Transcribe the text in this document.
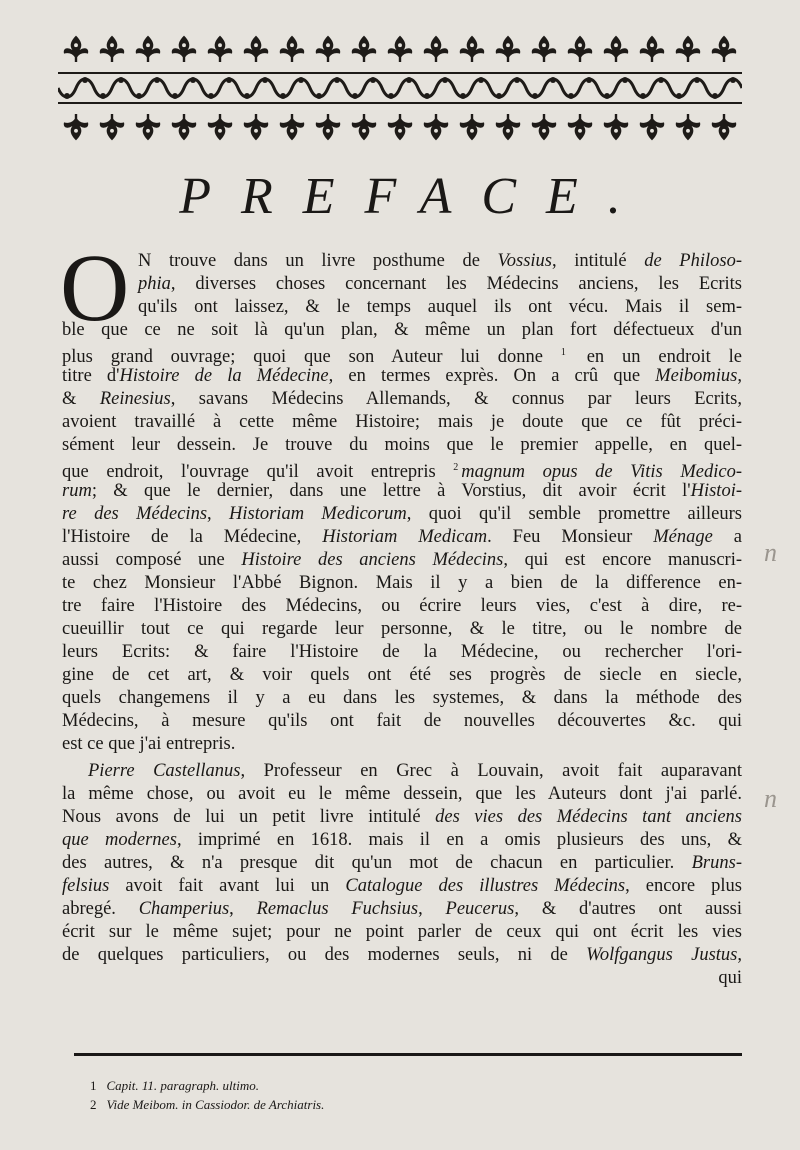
PREFACE.
O N trouve dans un livre posthume de Vossius, intitulé de Philoso-
phia, diverses choses concernant les Médecins anciens, les Ecrits
qu'ils ont laissez, & le temps auquel ils ont vécu. Mais il sem-
ble que ce ne soit là qu'un plan, & même un plan fort défectueux d'un
plus grand ouvrage; quoi que son Auteur lui donne $^1$ en un endroit le
titre d'Histoire de la Médecine, en termes exprès. On a crû que Meibomius,
& Reinesius, savans Médecins Allemands, & connus par leurs Ecrits,
avoient travaillé à cette même Histoire; mais je doute que ce fût préci-
sément leur dessein. Je trouve du moins que le premier appelle, en quel-
que endroit, l'ouvrage qu'il avoit entrepris $^2$ magnum opus de Vitis Medico-
rum; & que le dernier, dans une lettre à Vorstius, dit avoir écrit l'Histoi-
re des Médecins, Historiam Medicorum, quoi qu'il semble promettre ailleurs
l'Histoire de la Médecine, Historiam Medicam. Feu Monsieur Ménage a
aussi composé une Histoire des anciens Médecins, qui est encore manuscri-
te chez Monsieur l'Abbé Bignon. Mais il y a bien de la difference en-
tre faire l'Histoire des Médecins, ou écrire leurs vies, c'est à dire, re-
cueuillir tout ce qui regarde leur personne, & le titre, ou le nombre de
leurs Ecrits: & faire l'Histoire de la Médecine, ou rechercher l'ori-
gine de cet art, & voir quels ont été ses progrès de siecle en siecle,
quels changemens il y a eu dans les systemes, & dans la méthode des
Médecins, à mesure qu'ils ont fait de nouvelles découvertes &c. qui
est ce que j'ai entrepris.
Pierre Castellanus, Professeur en Grec à Louvain, avoit fait auparavant
la même chose, ou avoit eu le même dessein, que les Auteurs dont j'ai parlé.
Nous avons de lui un petit livre intitulé des vies des Médecins tant anciens
que modernes, imprimé en 1618. mais il en a omis plusieurs des uns, &
des autres, & n'a presque dit qu'un mot de chacun en particulier. Bruns-
felsius avoit fait avant lui un Catalogue des illustres Médecins, encore plus
abregé. Champerius, Remaclus Fuchsius, Peucerus, & d'autres ont aussi
écrit sur le même sujet; pour ne point parler de ceux qui ont écrit les vies
de quelques particuliers, ou des modernes seuls, ni de Wolfgangus Justus,
qui
1 Capit. 11. paragraph. ultimo.
2 Vide Meibom. in Cassiodor. de Archiatris.
n
n
